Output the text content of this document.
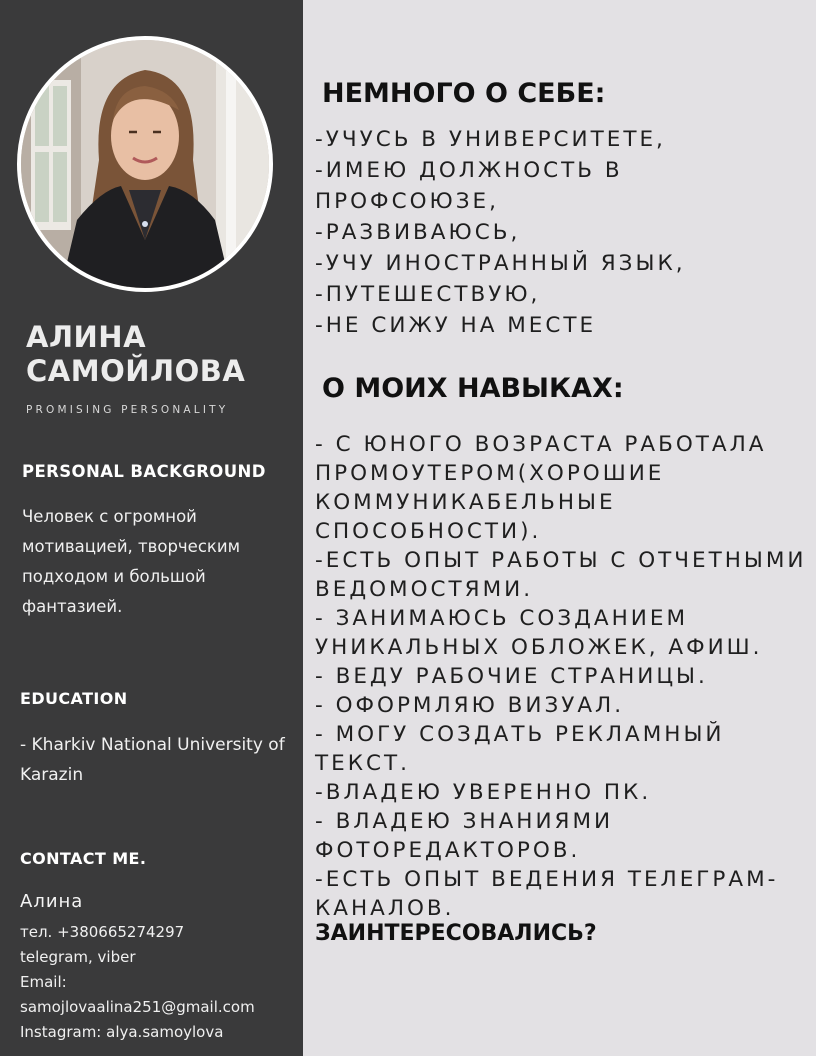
АЛИНА
САМОЙЛОВА
PROMISING PERSONALITY
PERSONAL BACKGROUND
Человек с огромной мотивацией, творческим подходом и большой фантазией.
EDUCATION
- Kharkiv National University of Karazin
CONTACT ME.
Алина
тел. +380665274297
telegram, viber
Email:
samojlovaalina251@gmail.com
Instagram: alya.samoylova
НЕМНОГО О СЕБЕ:
-УЧУСЬ В УНИВЕРСИТЕТЕ,
-ИМЕЮ ДОЛЖНОСТЬ В ПРОФСОЮЗЕ,
-РАЗВИВАЮСЬ,
-УЧУ ИНОСТРАННЫЙ ЯЗЫК,
-ПУТЕШЕСТВУЮ,
-НЕ СИЖУ НА МЕСТЕ
О МОИХ НАВЫКАХ:
- С ЮНОГО ВОЗРАСТА РАБОТАЛА ПРОМОУТЕРОМ(ХОРОШИЕ КОММУНИКАБЕЛЬНЫЕ СПОСОБНОСТИ).
-ЕСТЬ ОПЫТ РАБОТЫ С ОТЧЕТНЫМИ ВЕДОМОСТЯМИ.
- ЗАНИМАЮСЬ СОЗДАНИЕМ УНИКАЛЬНЫХ ОБЛОЖЕК, АФИШ.
- ВЕДУ РАБОЧИЕ СТРАНИЦЫ.
- ОФОРМЛЯЮ ВИЗУАЛ.
- МОГУ СОЗДАТЬ РЕКЛАМНЫЙ ТЕКСТ.
-ВЛАДЕЮ УВЕРЕННО ПК.
- ВЛАДЕЮ ЗНАНИЯМИ ФОТОРЕДАКТОРОВ.
-ЕСТЬ ОПЫТ ВЕДЕНИЯ ТЕЛЕГРАМ-КАНАЛОВ.
ЗАИНТЕРЕСОВАЛИСЬ?
